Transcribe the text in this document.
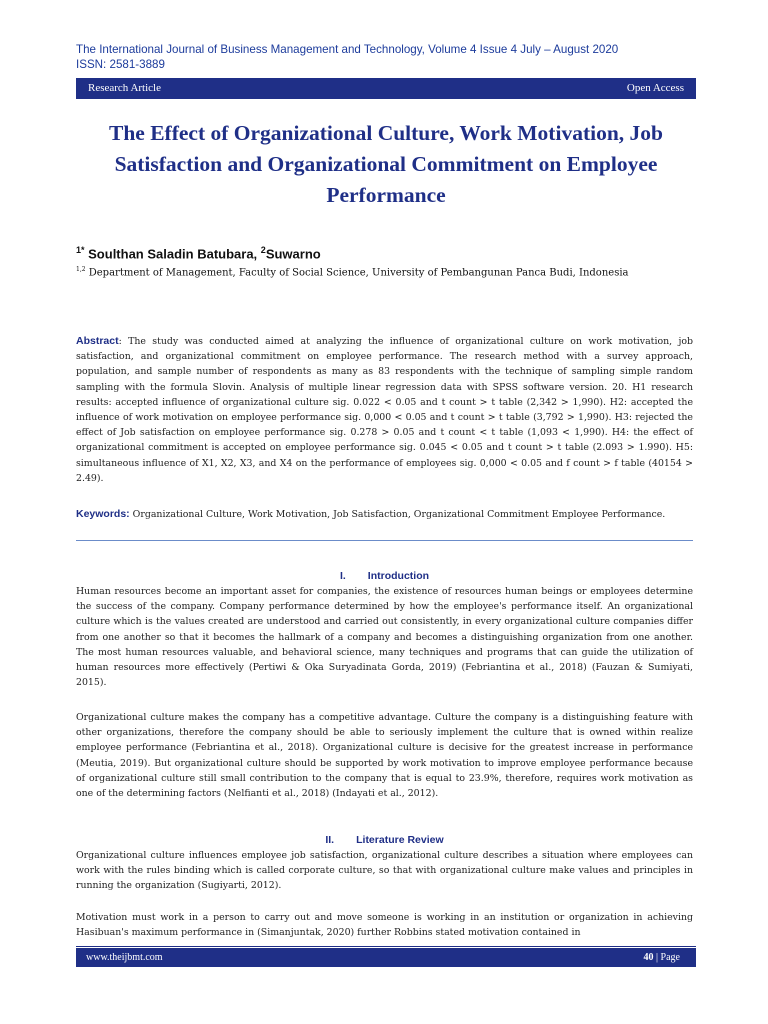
The International Journal of Business Management and Technology, Volume 4 Issue 4 July – August 2020
ISSN: 2581-3889
Research Article	Open Access
The Effect of Organizational Culture, Work Motivation, Job Satisfaction and Organizational Commitment on Employee Performance
$^{1*}$ Soulthan Saladin Batubara, $^2$Suwarno
$^{1,2}$ Department of Management, Faculty of Social Science, University of Pembangunan Panca Budi, Indonesia
Abstract: The study was conducted aimed at analyzing the influence of organizational culture on work motivation, job satisfaction, and organizational commitment on employee performance. The research method with a survey approach, population, and sample number of respondents as many as 83 respondents with the technique of sampling simple random sampling with the formula Slovin. Analysis of multiple linear regression data with SPSS software version. 20. H1 research results: accepted influence of organizational culture sig. 0.022 < 0.05 and t count > t table (2,342 > 1,990). H2: accepted the influence of work motivation on employee performance sig. 0,000 < 0.05 and t count > t table (3,792 > 1,990). H3: rejected the effect of Job satisfaction on employee performance sig. 0.278 > 0.05 and t count < t table (1,093 < 1,990). H4: the effect of organizational commitment is accepted on employee performance sig. 0.045 < 0.05 and t count > t table (2.093 > 1.990). H5: simultaneous influence of X1, X2, X3, and X4 on the performance of employees sig. 0,000 < 0.05 and f count > f table (40154 > 2.49).
Keywords: Organizational Culture, Work Motivation, Job Satisfaction, Organizational Commitment Employee Performance.
I. Introduction

Human resources become an important asset for companies, the existence of resources human beings or employees determine the success of the company. Company performance determined by how the employee's performance itself. An organizational culture which is the values created are understood and carried out consistently, in every organizational culture companies differ from one another so that it becomes the hallmark of a company and becomes a distinguishing organization from one another. The most human resources valuable, and behavioral science, many techniques and programs that can guide the utilization of human resources more effectively (Pertiwi & Oka Suryadinata Gorda, 2019) (Febriantina et al., 2018) (Fauzan & Sumiyati, 2015).

Organizational culture makes the company has a competitive advantage. Culture the company is a distinguishing feature with other organizations, therefore the company should be able to seriously implement the culture that is owned within realize employee performance (Febriantina et al., 2018). Organizational culture is decisive for the greatest increase in performance (Meutia, 2019). But organizational culture should be supported by work motivation to improve employee performance because of organizational culture still small contribution to the company that is equal to 23.9%, therefore, requires work motivation as one of the determining factors (Nelfianti et al., 2018) (Indayati et al., 2012).

II. Literature Review

Organizational culture influences employee job satisfaction, organizational culture describes a situation where employees can work with the rules binding which is called corporate culture, so that with organizational culture make values and principles in running the organization (Sugiyarti, 2012).

Motivation must work in a person to carry out and move someone is working in an institution or organization in achieving Hasibuan's maximum performance in (Simanjuntak, 2020) further Robbins stated motivation contained in

www.theijbmt.com	40 | Page
